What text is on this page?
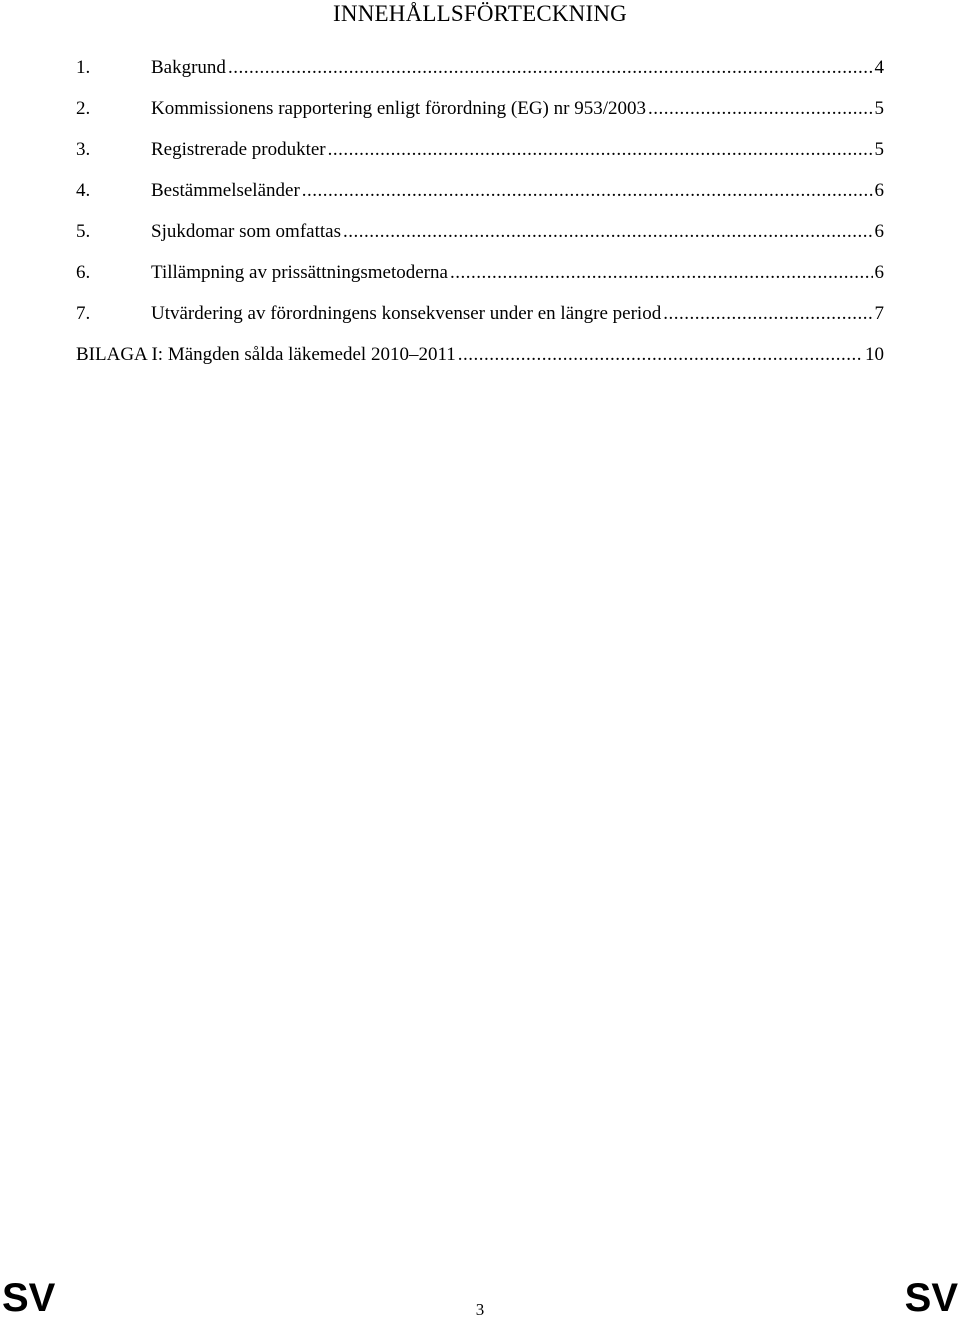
INNEHÅLLSFÖRTECKNING
1.	Bakgrund .....	4
2.	Kommissionens rapportering enligt förordning (EG) nr 953/2003 .....	5
3.	Registrerade produkter .....	5
4.	Bestämmelseländer .....	6
5.	Sjukdomar som omfattas .....	6
6.	Tillämpning av prissättningsmetoderna .....	6
7.	Utvärdering av förordningens konsekvenser under en längre period .....	7
BILAGA I: Mängden sålda läkemedel 2010–2011 .....	10
SV	3	SV
